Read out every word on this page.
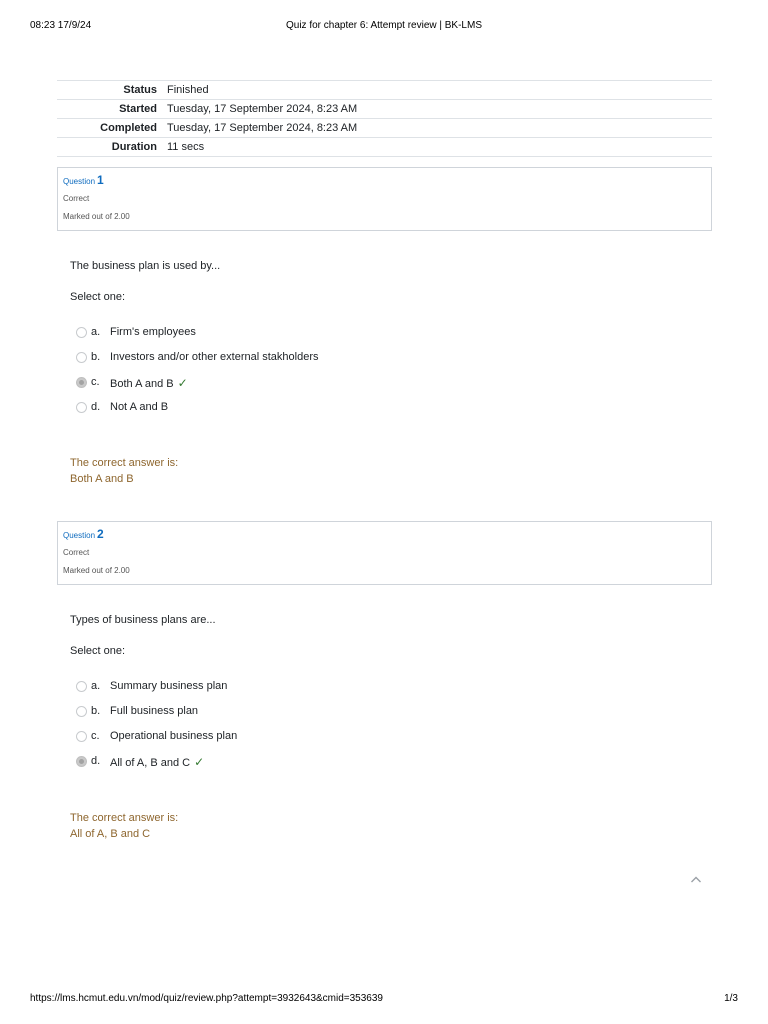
08:23 17/9/24	Quiz for chapter 6: Attempt review | BK-LMS
Status	Finished
Started	Tuesday, 17 September 2024, 8:23 AM
Completed	Tuesday, 17 September 2024, 8:23 AM
Duration	11 secs
Question 1
Correct
Marked out of 2.00
The business plan is used by...
Select one:
a. Firm's employees
b. Investors and/or other external stakholders
c. Both A and B ✓
d. Not A and B
The correct answer is:
Both A and B
Question 2
Correct
Marked out of 2.00
Types of business plans are...
Select one:
a. Summary business plan
b. Full business plan
c. Operational business plan
d. All of A, B and C ✓
The correct answer is:
All of A, B and C
https://lms.hcmut.edu.vn/mod/quiz/review.php?attempt=3932643&cmid=353639	1/3
